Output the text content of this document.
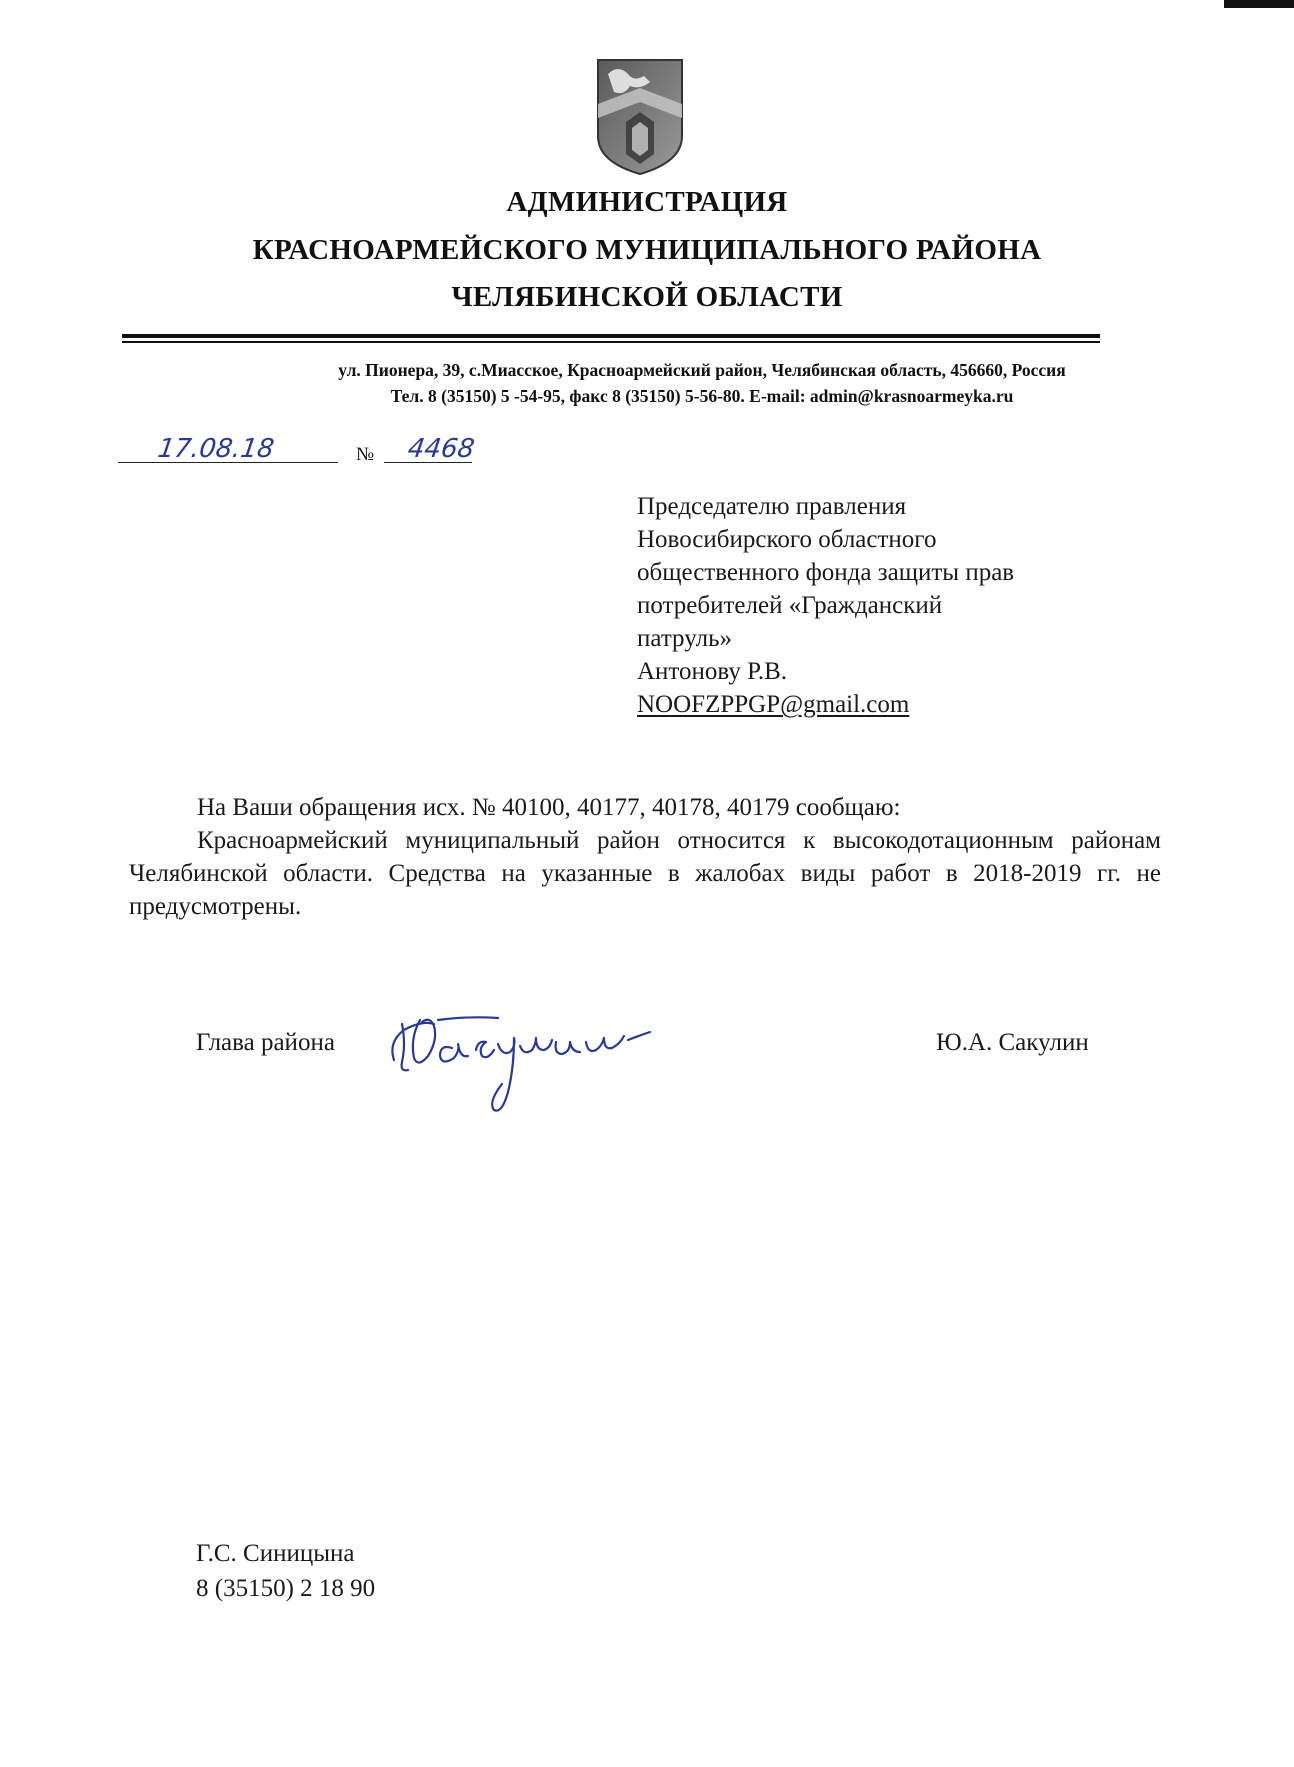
АДМИНИСТРАЦИЯ
КРАСНОАРМЕЙСКОГО МУНИЦИПАЛЬНОГО РАЙОНА
ЧЕЛЯБИНСКОЙ ОБЛАСТИ
ул. Пионера, 39, с.Миасское, Красноармейский район, Челябинская область, 456660, Россия
Тел. 8 (35150) 5 -54-95, факс 8 (35150) 5-56-80. E-mail: admin@krasnoarmeyka.ru
17.08.18	№ 4468
Председателю правления
Новосибирского областного
общественного фонда защиты прав
потребителей «Гражданский
патруль»
Антонову Р.В.
NOOFZPPGP@gmail.com

На Ваши обращения исх. № 40100, 40177, 40178, 40179 сообщаю:

Красноармейский муниципальный район относится к высокодотационным районам Челябинской области. Средства на указанные в жалобах виды работ в 2018-2019 гг. не предусмотрены.

Глава района	Ю.А. Сакулин
Г.С. Синицына
8 (35150) 2 18 90
